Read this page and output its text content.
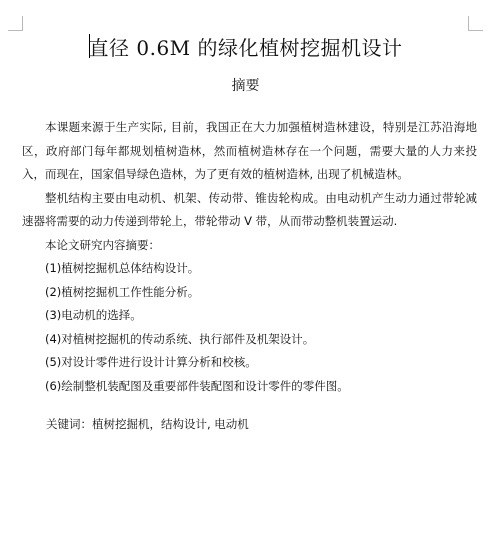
直径 0.6M 的绿化植树挖掘机设计
摘要

本课题来源于生产实际, 目前，我国正在大力加强植树造林建设，特别是江苏沿海地区，政府部门每年都规划植树造林，然而植树造林存在一个问题，需要大量的人力来投入，而现在，国家倡导绿色造林，为了更有效的植树造林, 出现了机械造林。

整机结构主要由电动机、机架、传动带、锥齿轮构成。由电动机产生动力通过带轮减速器将需要的动力传递到带轮上，带轮带动 V 带，从而带动整机装置运动.

本论文研究内容摘要：

(1)植树挖掘机总体结构设计。
(2)植树挖掘机工作性能分析。
(3)电动机的选择。
(4)对植树挖掘机的传动系统、执行部件及机架设计。
(5)对设计零件进行设计计算分析和校核。
(6)绘制整机装配图及重要部件装配图和设计零件的零件图。
关键词：植树挖掘机，结构设计, 电动机
